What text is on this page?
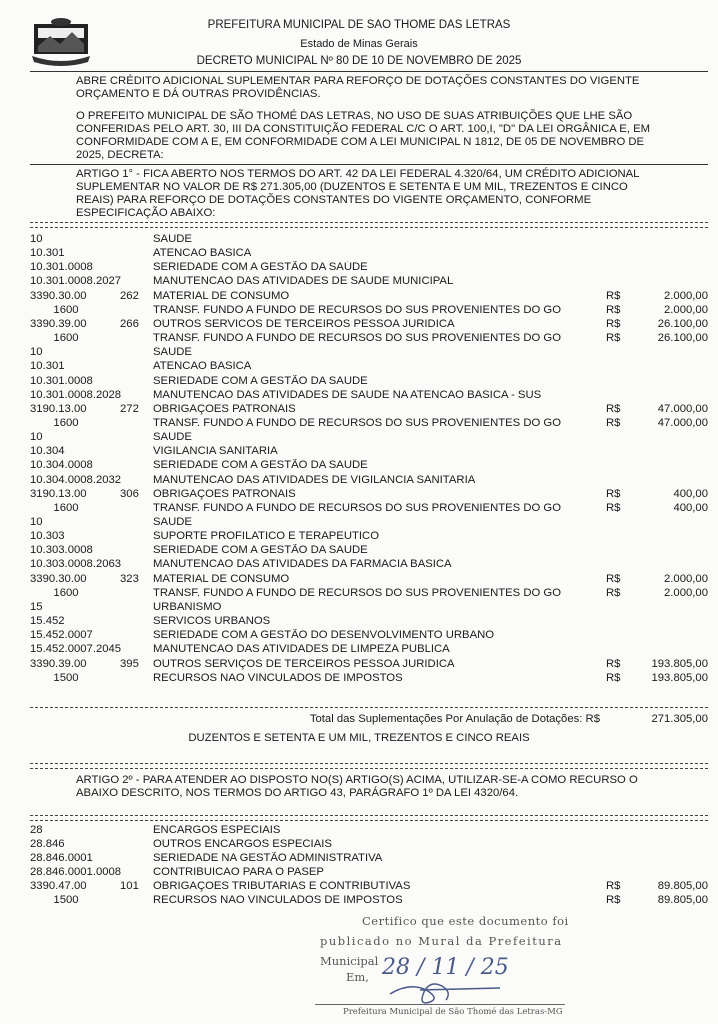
PREFEITURA MUNICIPAL DE SAO THOME DAS LETRAS
Estado de Minas Gerais
DECRETO MUNICIPAL Nº 80 DE 10 DE NOVEMBRO DE 2025
ABRE CRÉDITO ADICIONAL SUPLEMENTAR PARA REFORÇO DE DOTAÇÕES CONSTANTES DO VIGENTE
ORÇAMENTO E DÁ OUTRAS PROVIDÊNCIAS.
O PREFEITO MUNICIPAL DE SÃO THOMÉ DAS LETRAS, NO USO DE SUAS ATRIBUIÇÕES QUE LHE SÃO
CONFERIDAS PELO ART. 30, III DA CONSTITUIÇÃO FEDERAL C/C O ART. 100,I, "D" DA LEI ORGÂNICA E, EM
CONFORMIDADE COM A E, EM CONFORMIDADE COM A LEI MUNICIPAL N 1812, DE 05 DE NOVEMBRO DE
2025, DECRETA:
ARTIGO 1° - FICA ABERTO NOS TERMOS DO ART. 42 DA LEI FEDERAL 4.320/64, UM CRÉDITO ADICIONAL
SUPLEMENTAR NO VALOR DE R$ 271.305,00 (DUZENTOS E SETENTA E UM MIL, TREZENTOS E CINCO
REAIS) PARA REFORÇO DE DOTAÇÕES CONSTANTES DO VIGENTE ORÇAMENTO, CONFORME
ESPECIFICAÇÃO ABAIXO:
10	SAUDE
10.301	ATENCAO BASICA
10.301.0008	SERIEDADE COM A GESTÃO DA SAÚDE
10.301.0008.2027	MANUTENCAO DAS ATIVIDADES DE SAUDE MUNICIPAL
3390.30.00	262	MATERIAL DE CONSUMO	R$	2.000,00
1600	TRANSF. FUNDO A FUNDO DE RECURSOS DO SUS PROVENIENTES DO GO	R$	2.000,00
3390.39.00	266	OUTROS SERVICOS DE TERCEIROS PESSOA JURIDICA	R$	26.100,00
1600	TRANSF. FUNDO A FUNDO DE RECURSOS DO SUS PROVENIENTES DO GO	R$	26.100,00
10	SAUDE
10.301	ATENCAO BASICA
10.301.0008	SERIEDADE COM A GESTÃO DA SAUDE
10.301.0008.2028	MANUTENCAO DAS ATIVIDADES DE SAUDE NA ATENCAO BASICA - SUS
3190.13.00	272	OBRIGAÇOES PATRONAIS	R$	47.000,00
1600	TRANSF. FUNDO A FUNDO DE RECURSOS DO SUS PROVENIENTES DO GO	R$	47.000,00
10	SAUDE
10.304	VIGILANCIA SANITARIA
10.304.0008	SERIEDADE COM A GESTÃO DA SAUDE
10.304.0008.2032	MANUTENCAO DAS ATIVIDADES DE VIGILANCIA SANITARIA
3190.13.00	306	OBRIGAÇOES PATRONAIS	R$	400,00
1600	TRANSF. FUNDO A FUNDO DE RECURSOS DO SUS PROVENIENTES DO GO	R$	400,00
10	SAUDE
10.303	SUPORTE PROFILATICO E TERAPEUTICO
10.303.0008	SERIEDADE COM A GESTÃO DA SAUDE
10.303.0008.2063	MANUTENCAO DAS ATIVIDADES DA FARMACIA BASICA
3390.30.00	323	MATERIAL DE CONSUMO	R$	2.000,00
1600	TRANSF. FUNDO A FUNDO DE RECURSOS DO SUS PROVENIENTES DO GO	R$	2.000,00
15	URBANISMO
15.452	SERVICOS URBANOS
15.452.0007	SERIEDADE COM A GESTÃO DO DESENVOLVIMENTO URBANO
15.452.0007.2045	MANUTENCAO DAS ATIVIDADES DE LIMPEZA PUBLICA
3390.39.00	395	OUTROS SERVIÇOS DE TERCEIROS PESSOA JURIDICA	R$	193.805,00
1500	RECURSOS NAO VINCULADOS DE IMPOSTOS	R$	193.805,00
Total das Suplementações Por Anulação de Dotações: R$	271.305,00
DUZENTOS E SETENTA E UM MIL, TREZENTOS E CINCO REAIS
ARTIGO 2º - PARA ATENDER AO DISPOSTO NO(S) ARTIGO(S) ACIMA, UTILIZAR-SE-A COMO RECURSO O
ABAIXO DESCRITO, NOS TERMOS DO ARTIGO 43, PARÁGRAFO 1º DA LEI 4320/64.
28	ENCARGOS ESPECIAIS
28.846	OUTROS ENCARGOS ESPECIAIS
28.846.0001	SERIEDADE NA GESTÃO ADMINISTRATIVA
28.846.0001.0008	CONTRIBUICAO PARA O PASEP
3390.47.00	101	OBRIGAÇOES TRIBUTARIAS E CONTRIBUTIVAS	R$	89.805,00
1500	RECURSOS NAO VINCULADOS DE IMPOSTOS	R$	89.805,00
Certifico que este documento foi
publicado no Mural da Prefeitura
Municipal
Em, 28 / 11 / 25
Prefeitura Municipal de São Thomé das Letras-MG
